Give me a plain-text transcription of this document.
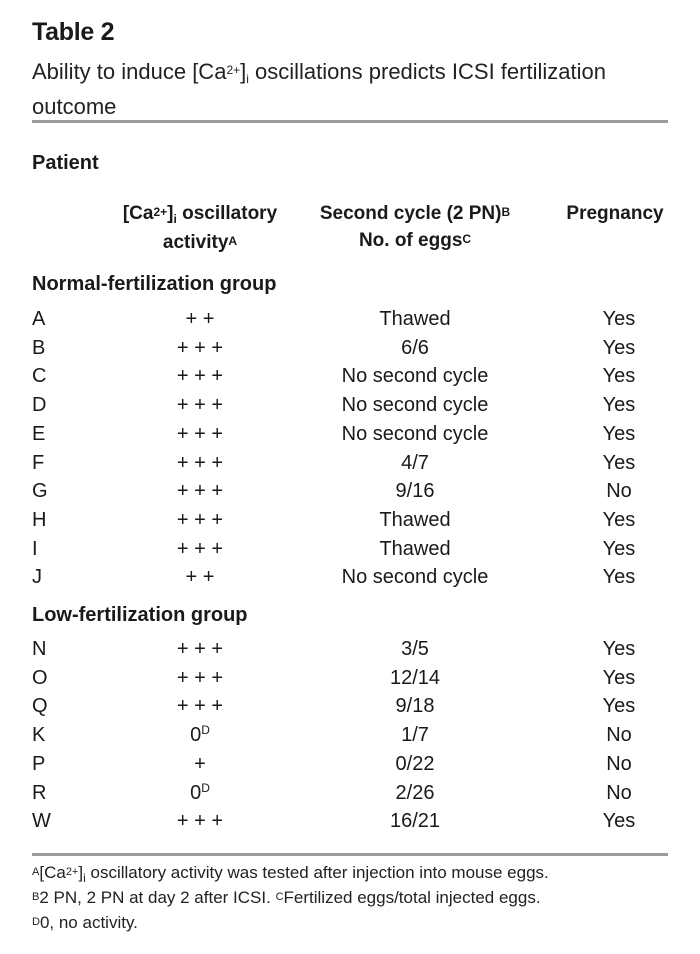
Table 2
Ability to induce $[Ca^{2+}]_i$ oscillations predicts ICSI fertilization outcome
Patient
$[Ca^{2+}]_i$ oscillatory
activity$^A$
Second cycle (2 PN)$^B$
No. of eggs$^C$
Pregnancy
Normal-fertilization group
A	+ +	Thawed	Yes
B	+ + +	6/6	Yes
C	+ + +	No second cycle	Yes
D	+ + +	No second cycle	Yes
E	+ + +	No second cycle	Yes
F	+ + +	4/7	Yes
G	+ + +	9/16	No
H	+ + +	Thawed	Yes
I	+ + +	Thawed	Yes
J	+ +	No second cycle	Yes
Low-fertilization group
N	+ + +	3/5	Yes
O	+ + +	12/14	Yes
Q	+ + +	9/18	Yes
K	$0^D$	1/7	No
P	+	0/22	No
R	$0^D$	2/26	No
W	+ + +	16/21	Yes
$^A[Ca^{2+}]_i$ oscillatory activity was tested after injection into mouse eggs.
$^B$2 PN, 2 PN at day 2 after ICSI. $^C$Fertilized eggs/total injected eggs.
$^D$0, no activity.
